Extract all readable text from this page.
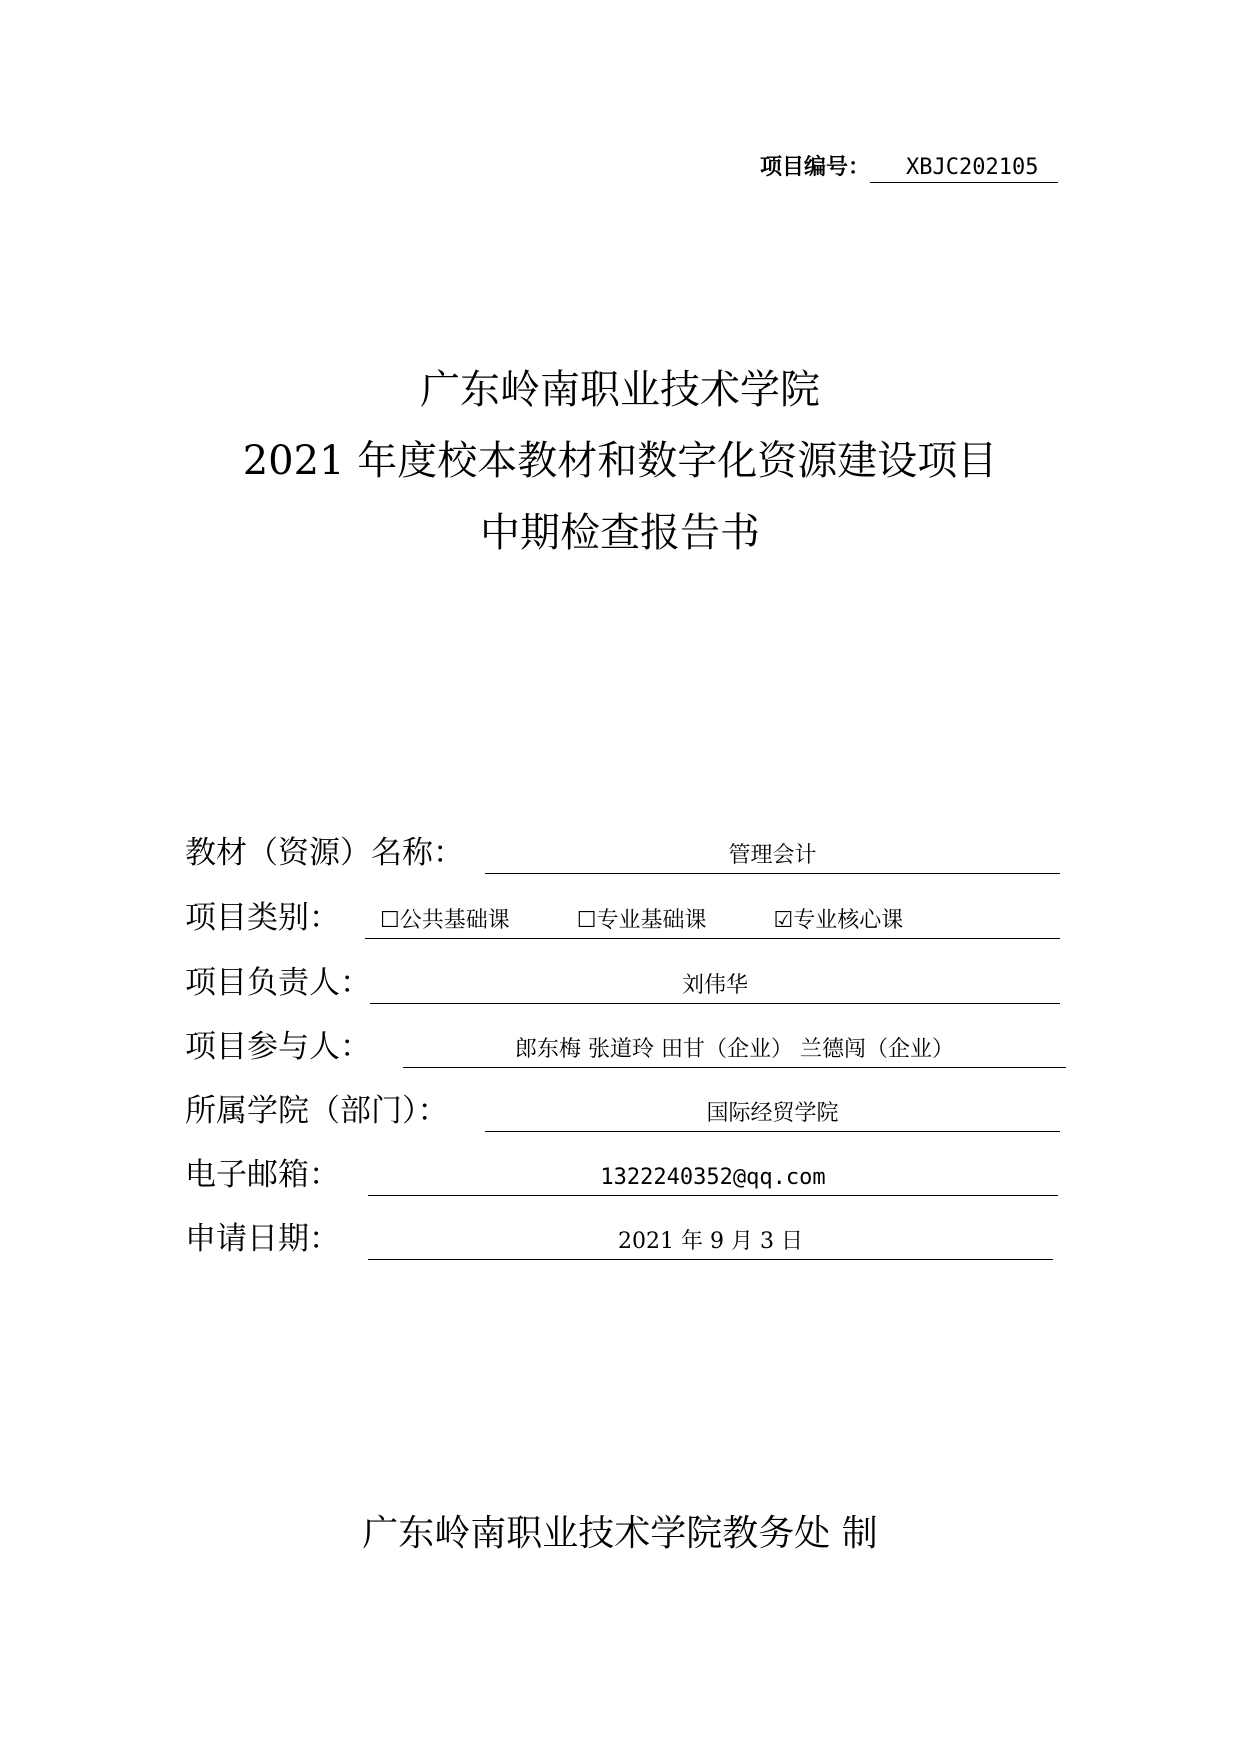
项目编号： XBJC202105
广东岭南职业技术学院
2021 年度校本教材和数字化资源建设项目
中期检查报告书
教材（资源）名称：	管理会计
项目类别：	☐公共基础课	☐专业基础课	☑专业核心课
项目负责人：	刘伟华
项目参与人：	郎东梅 张道玲 田甘（企业） 兰德闯（企业）
所属学院（部门）：	国际经贸学院
电子邮箱：	1322240352@qq.com
申请日期：	2021 年 9 月 3 日
广东岭南职业技术学院教务处 制
